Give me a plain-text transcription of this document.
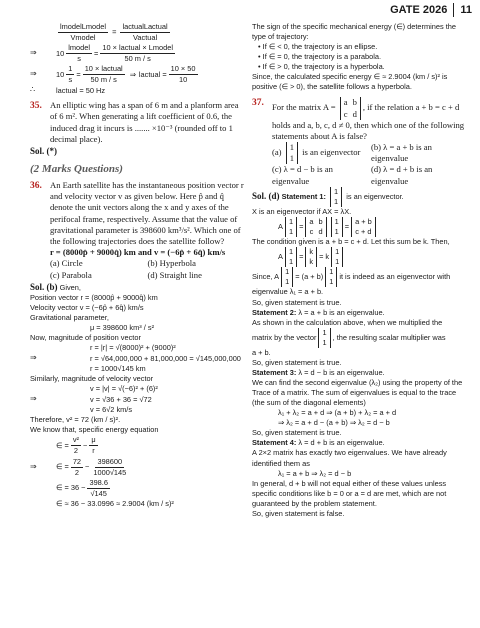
GATE 2026	11
$\frac{\text{lmodelLmodel}}{\text{Vmodel}} = \frac{\text{lactualLactual}}{\text{Vactual}}$
⇒	$10 \frac{\text{lmodel}}{s} = \frac{\text{10 × lactual × Lmodel}}{50 m / s}$
⇒	$10 \frac{1}{s} = \frac{\text{10 × lactual}}{50 m / s}$ ⇒ lactual = $\frac{10 \times 50}{10}$
∴	lactual = 50 Hz
35. An elliptic wing has a span of 6 m and a planform area of 6 m². When generating a lift coefficient of 0.6, the induced drag it incurs is ....... ×10⁻³ (rounded off to 1 decimal place).

Sol. (*)
(2 Marks Questions)
36. An Earth satellite has the instantaneous position vector r and velocity vector v as given below. Here p̂ and q̂ denote the unit vectors along the x and y axes of the perifocal frame, respectively. Assume that the value of gravitational parameter is 398600 km³/s². Which one of the following trajectories does the satellite follow?

r = (8000p̂ + 9000q̂) km and v = (−6p̂ + 6q̂) km/s

(a) Circle	(b) Hyperbola
(c) Parabola	(d) Straight line
Sol. (b) Given,

Position vector r = (8000p̂ + 9000q̂) km

Velocity vector v = (−6p̂ + 6q̂) km/s

Gravitational parameter,

μ = 398600 km³ / s²

Now, magnitude of position vector

r = |r| = √(8000)² + (9000)²

⇒	r = √64,000,000 + 81,000,000 = √145,000,000

r = 1000√145 km

Similarly, magnitude of velocity vector

v = |v| = √(−6)² + (6)²

⇒	v = √36 + 36 = √72

v = 6√2 km/s

Therefore, v² = 72 (km / s)².

We know that, specific energy equation

∈ = $\frac{\text{v²}}{2} - \frac{\mu}{r}$
⇒	∈ = $\frac{72}{2} - \frac{398600}{1000√145}$
∈ = $36 - \frac{398.6}{√145}$

∈ ≈ 36 − 33.0996 ≈ 2.9004 (km / s)²

The sign of the specific mechanical energy (∈) determines the type of trajectory:

• If ∈ < 0, the trajectory is an ellipse.

• If ∈ = 0, the trajectory is a parabola.

• If ∈ > 0, the trajectory is a hyperbola.

Since, the calculated specific energy ∈ ≈ 2.9004 (km / s)² is positive (∈ > 0), the satellite follows a hyperbola.

37. For the matrix A =
a b
c d
, if the relation a + b = c + d

holds and a, b, c, d ≠ 0, then which one of the following statements about A is false?

(a)
1
1
is an eigenvector
(b) λ = a + b is an eigenvalue
(c) λ = d − b is an eigenvalue
(d) λ = d + b is an eigenvalue
Sol. (d) Statement 1:
1
1
is an eigenvector.

X is an eigenvector if AX = λX.

A
1
1
=
a b
c d
1
1
=
a + b
c + d

The condition given is a + b = c + d. Let this sum be k. Then,

A
1
1
=
k
k
= k
1
1
Since, A
1
1
= (a + b)
1
1
it is indeed as an eigenvector with

eigenvalue λ₁ = a + b.

So, given statement is true.

Statement 2: λ = a + b is an eigenvalue.

As shown in the calculation above, when we multiplied the

matrix by the vector
1
1
, the resulting scalar multiplier was

a + b.

So, given statement is true.

Statement 3: λ = d − b is an eigenvalue.

We can find the second eigenvalue (λ₂) using the property of the Trace of a matrix. The sum of eigenvalues is equal to the trace (the sum of the diagonal elements)

λ₁ + λ₂ = a + d ⇒ (a + b) + λ₂ = a + d

⇒ λ₂ = a + d − (a + b) ⇒ λ₂ = d − b

So, given statement is true.

Statement 4: λ = d + b is an eigenvalue.

A 2×2 matrix has exactly two eigenvalues. We have already identified them as

λ₁ = a + b ⇒ λ₂ = d − b

In general, d + b will not equal either of these values unless specific conditions like b = 0 or a = d are met, which are not guaranteed by the problem statement.

So, given statement is false.
